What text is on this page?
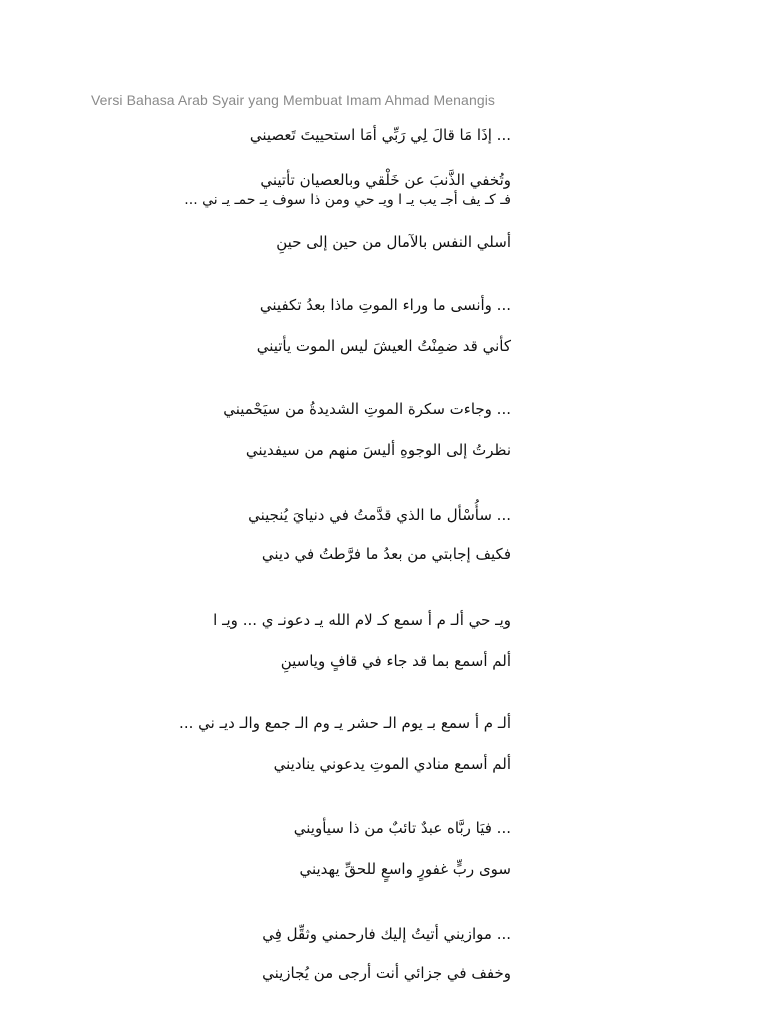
Versi Bahasa Arab Syair yang Membuat Imam Ahmad Menangis
... إذَا مَا قالَ لِي رَبِّي أمَا استحييتَ تَعصيني
وتُخفي الذَّنبَ عن خَلْقي وبالعصيان تأتيني
فـ كـ يف أجـ يب يـ ا ويـ حي ومن ذا سوف يـ حمـ يـ ني ...
أسلي النفس بالآمال من حين إلى حينِ
... وأنسى ما وراء الموتِ ماذا بعدُ تكفيني
كأني قد ضمِنْتُ العيشَ ليس الموت يأتيني
... وجاءت سكرة الموتِ الشديدةُ من سيَحْميني
نظرتُ إلى الوجوهِ أليسَ منهم من سيفديني
... سأُسْأل ما الذي قدَّمتُ في دنيايَ يُنجيني
فكيف إجابتي من بعدُ ما فرَّطتُ في ديني
ويـ حي ألـ م أ سمع كـ لام الله يـ دعونـ ي ... ويـ ا
ألم أسمع بما قد جاء في قافٍ وياسينِ
ألـ م أ سمع بـ يوم الـ حشر يـ وم الـ جمع والـ ديـ ني ...
ألم أسمع منادي الموتِ يدعوني يناديني
... فيَا ربَّاه عبدٌ تائبٌ من ذا سيأويني
سوى ربٍّ غفورٍ واسعٍ للحقِّ يهديني
... موازيني أتيتُ إليك فارحمني وثقِّل فِي
وخفف في جزائي أنت أرجى من يُجازيني
